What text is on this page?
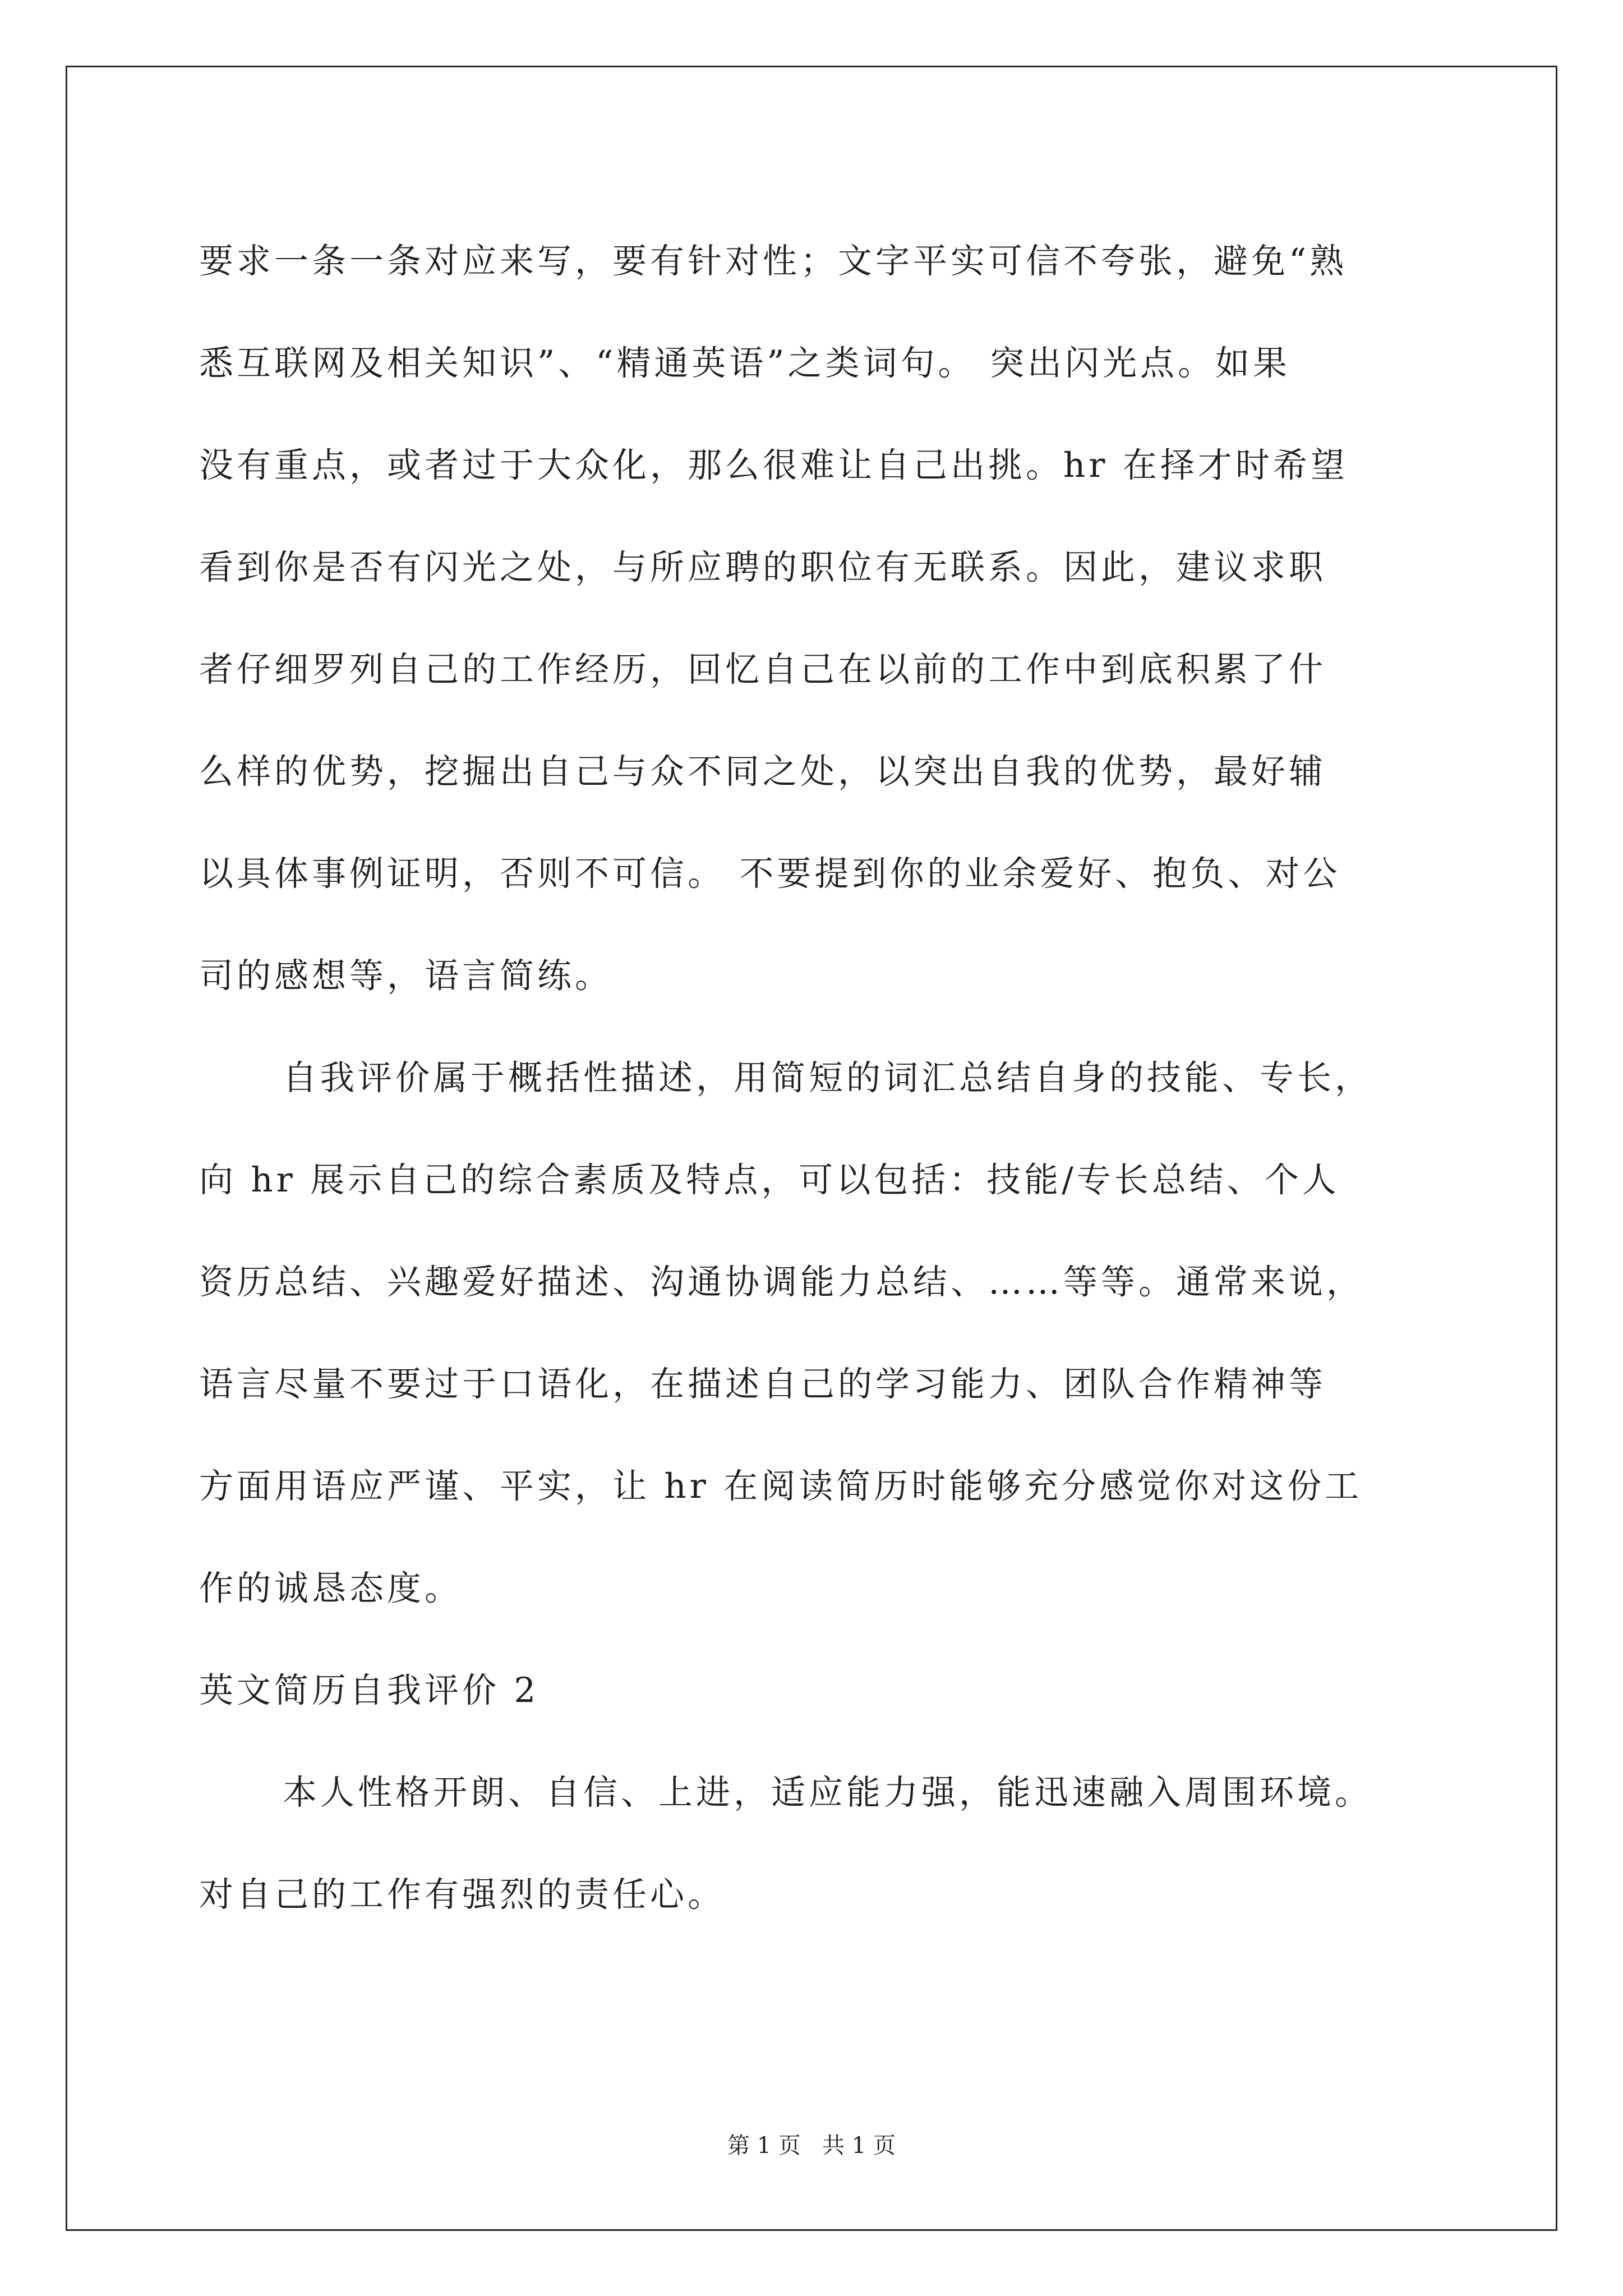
要求一条一条对应来写，要有针对性；文字平实可信不夸张，避免“熟
悉互联网及相关知识”、“精通英语”之类词句。 突出闪光点。如果
没有重点，或者过于大众化，那么很难让自己出挑。hr 在择才时希望
看到你是否有闪光之处，与所应聘的职位有无联系。因此，建议求职
者仔细罗列自己的工作经历，回忆自己在以前的工作中到底积累了什
么样的优势，挖掘出自己与众不同之处，以突出自我的优势，最好辅
以具体事例证明，否则不可信。 不要提到你的业余爱好、抱负、对公
司的感想等，语言简练。
自我评价属于概括性描述，用简短的词汇总结自身的技能、专长，
向 hr 展示自己的综合素质及特点，可以包括：技能/专长总结、个人
资历总结、兴趣爱好描述、沟通协调能力总结、……等等。通常来说，
语言尽量不要过于口语化，在描述自己的学习能力、团队合作精神等
方面用语应严谨、平实，让 hr 在阅读简历时能够充分感觉你对这份工
作的诚恳态度。
英文简历自我评价 2
本人性格开朗、自信、上进，适应能力强，能迅速融入周围环境。
对自己的工作有强烈的责任心。
第 1 页   共 1 页
